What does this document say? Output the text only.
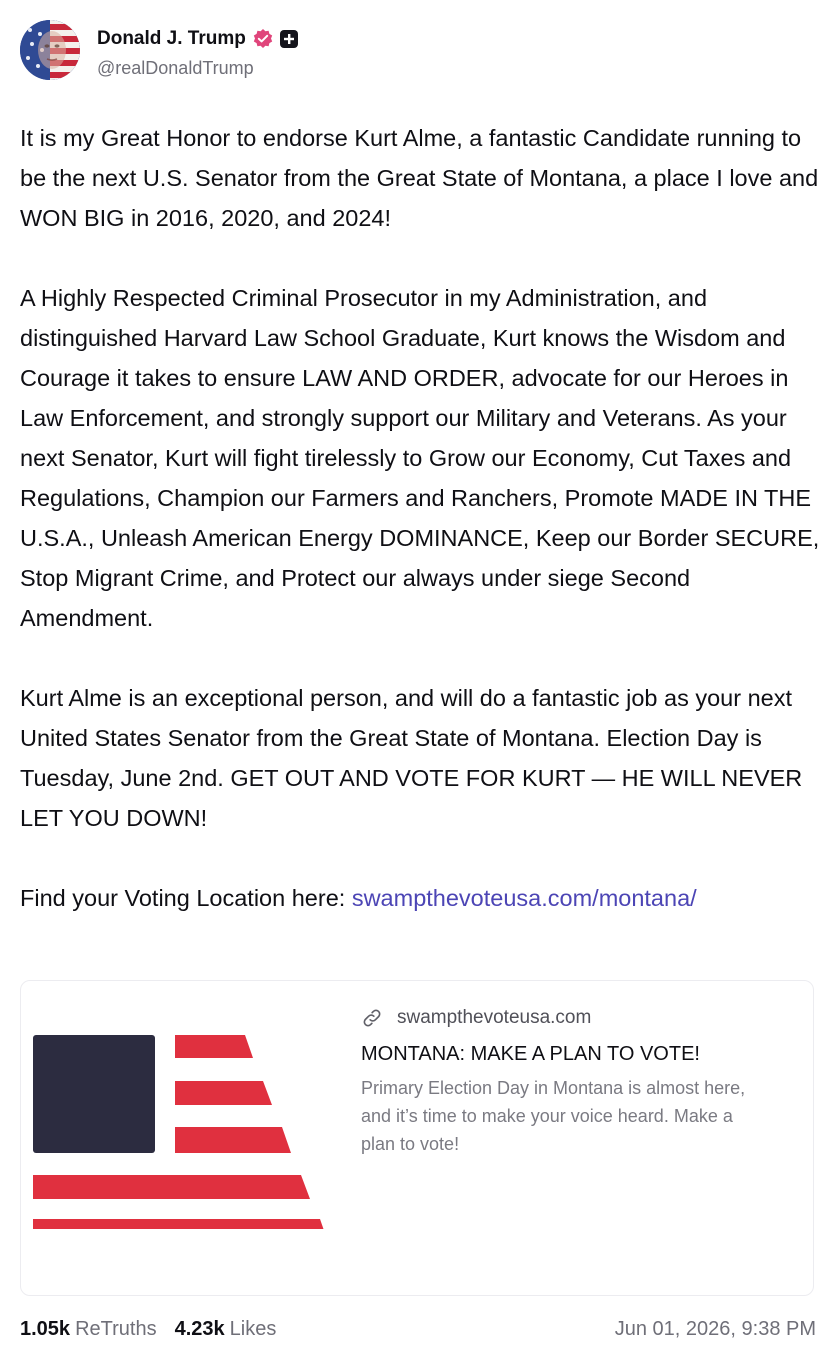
Donald J. Trump
@realDonaldTrump

It is my Great Honor to endorse Kurt Alme, a fantastic Candidate running to be the next U.S. Senator from the Great State of Montana, a place I love and WON BIG in 2016, 2020, and 2024!

A Highly Respected Criminal Prosecutor in my Administration, and distinguished Harvard Law School Graduate, Kurt knows the Wisdom and Courage it takes to ensure LAW AND ORDER, advocate for our Heroes in Law Enforcement, and strongly support our Military and Veterans. As your next Senator, Kurt will fight tirelessly to Grow our Economy, Cut Taxes and Regulations, Champion our Farmers and Ranchers, Promote MADE IN THE U.S.A., Unleash American Energy DOMINANCE, Keep our Border SECURE, Stop Migrant Crime, and Protect our always under siege Second Amendment.

Kurt Alme is an exceptional person, and will do a fantastic job as your next United States Senator from the Great State of Montana. Election Day is Tuesday, June 2nd. GET OUT AND VOTE FOR KURT — HE WILL NEVER LET YOU DOWN!

Find your Voting Location here: swampthevoteusa.com/montana/

swampthevoteusa.com
MONTANA: MAKE A PLAN TO VOTE!
Primary Election Day in Montana is almost here, and it’s time to make your voice heard. Make a plan to vote!
1.05k ReTruths 4.23k Likes	Jun 01, 2026, 9:38 PM
